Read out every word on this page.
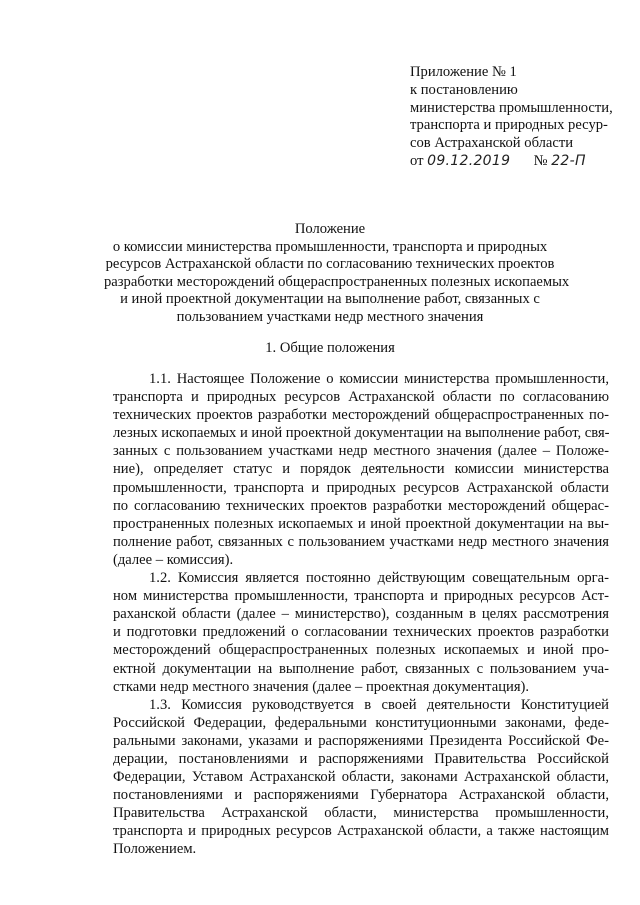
Приложение № 1
к постановлению
министерства промышленности,
транспорта и природных ресур-
сов Астраханской области
от 09.12.2019 № 22-П
Положение
о комиссии министерства промышленности, транспорта и природных
ресурсов Астраханской области по согласованию технических проектов
разработки месторождений общераспространенных полезных ископаемых
и иной проектной документации на выполнение работ, связанных с
пользованием участками недр местного значения
1. Общие положения
1.1. Настоящее Положение о комиссии министерства промышленности,
транспорта и природных ресурсов Астраханской области по согласованию
технических проектов разработки месторождений общераспространенных по-
лезных ископаемых и иной проектной документации на выполнение работ, свя-
занных с пользованием участками недр местного значения (далее – Положе-
ние), определяет статус и порядок деятельности комиссии министерства
промышленности, транспорта и природных ресурсов Астраханской области
по согласованию технических проектов разработки месторождений общерас-
пространенных полезных ископаемых и иной проектной документации на вы-
полнение работ, связанных с пользованием участками недр местного значения
(далее – комиссия).
1.2. Комиссия является постоянно действующим совещательным орга-
ном министерства промышленности, транспорта и природных ресурсов Аст-
раханской области (далее – министерство), созданным в целях рассмотрения
и подготовки предложений о согласовании технических проектов разработки
месторождений общераспространенных полезных ископаемых и иной про-
ектной документации на выполнение работ, связанных с пользованием уча-
стками недр местного значения (далее – проектная документация).
1.3. Комиссия руководствуется в своей деятельности Конституцией
Российской Федерации, федеральными конституционными законами, феде-
ральными законами, указами и распоряжениями Президента Российской Фе-
дерации, постановлениями и распоряжениями Правительства Российской
Федерации, Уставом Астраханской области, законами Астраханской области,
постановлениями и распоряжениями Губернатора Астраханской области,
Правительства Астраханской области, министерства промышленности,
транспорта и природных ресурсов Астраханской области, а также настоящим
Положением.
